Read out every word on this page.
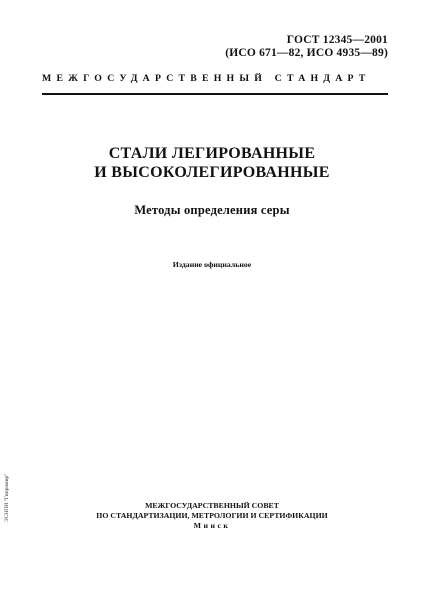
ГОСТ 12345—2001
(ИСО 671—82, ИСО 4935—89)
МЕЖГОСУДАРСТВЕННЫЙ СТАНДАРТ
СТАЛИ ЛЕГИРОВАННЫЕ
И ВЫСОКОЛЕГИРОВАННЫЕ
Методы определения серы
Издание официальное
МЕЖГОСУДАРСТВЕННЫЙ СОВЕТ
ПО СТАНДАРТИЗАЦИИ, МЕТРОЛОГИИ И СЕРТИФИКАЦИИ
Минск
ЭСНПИ "Гипромир"
